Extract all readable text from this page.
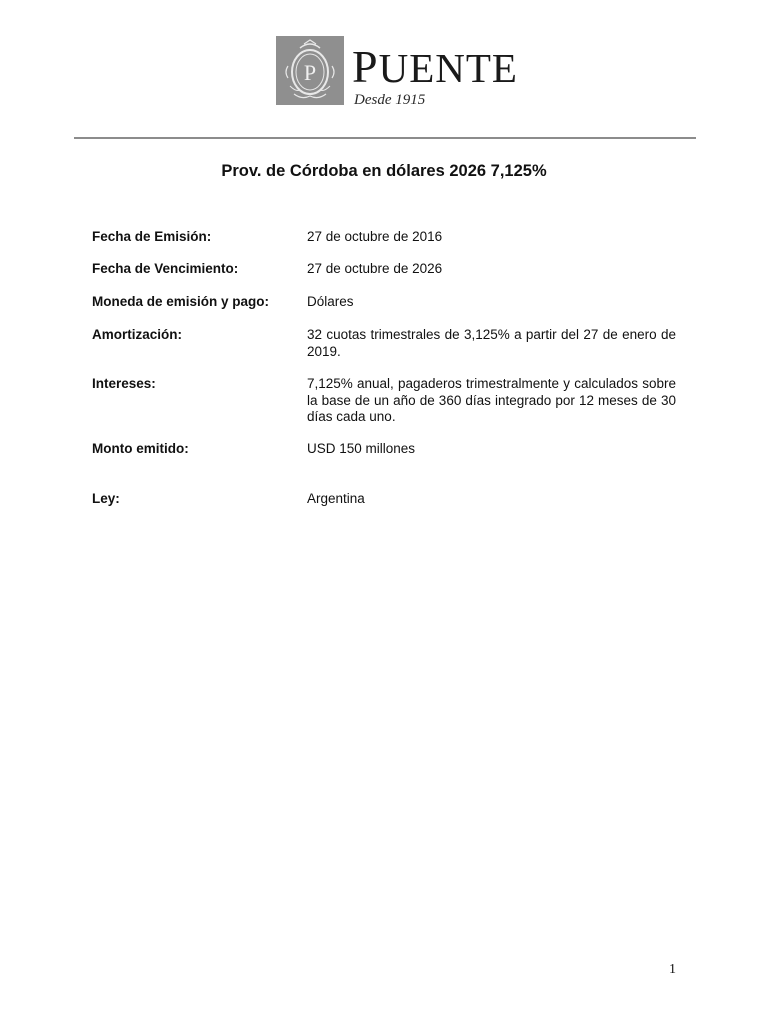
P PUENTE
Desde 1915
Prov. de Córdoba en dólares 2026 7,125%
Fecha de Emisión:	27 de octubre de 2016
Fecha de Vencimiento:	27 de octubre de 2026
Moneda de emisión y pago:	Dólares
Amortización:	32 cuotas trimestrales de 3,125% a partir del 27 de enero de 2019.
Intereses:	7,125% anual, pagaderos trimestralmente y calculados sobre la base de un año de 360 días integrado por 12 meses de 30 días cada uno.
Monto emitido:	USD 150 millones
Ley:	Argentina
1
